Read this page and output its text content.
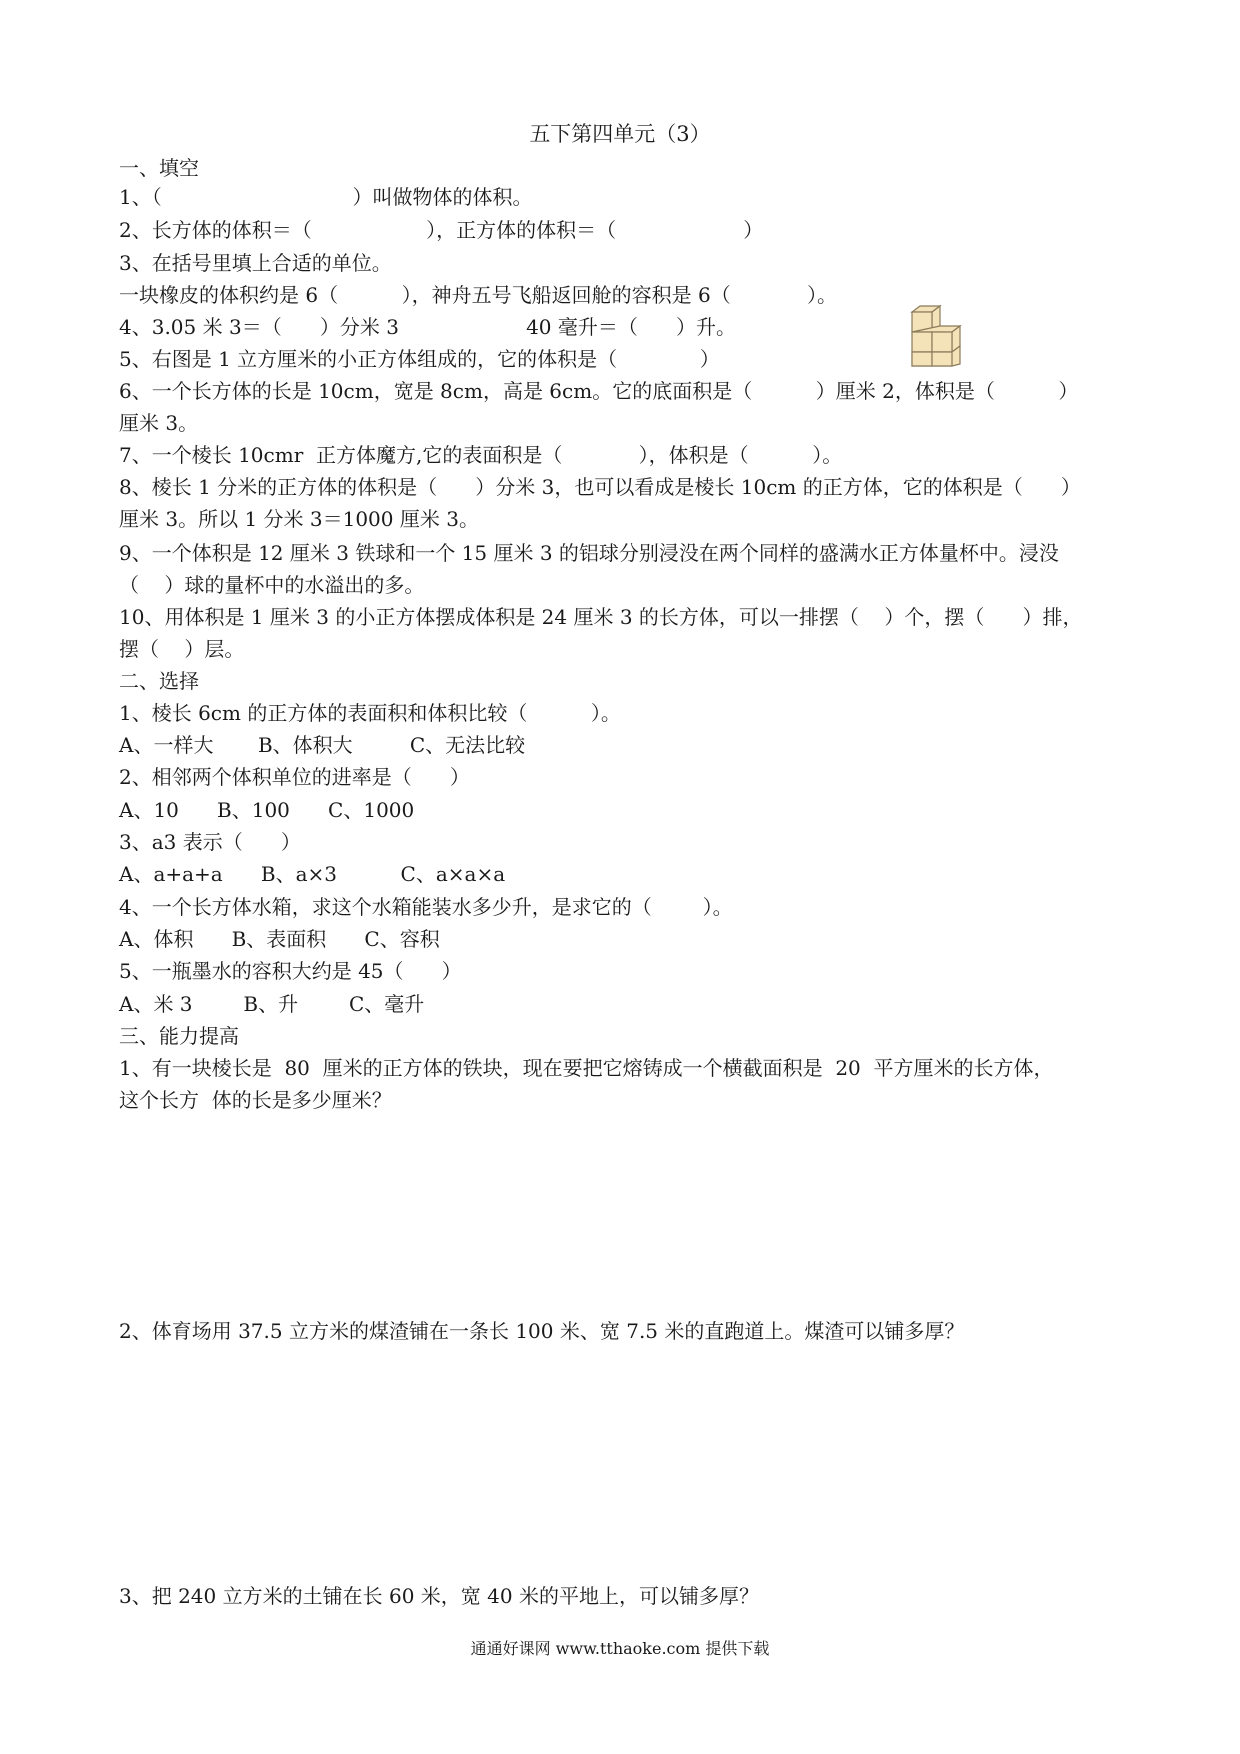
五下第四单元（3）
一、填空
1、（                              ）叫做物体的体积。
2、长方体的体积＝（                  ），正方体的体积＝（                    ）
3、在括号里填上合适的单位。
一块橡皮的体积约是 6（          ），神舟五号飞船返回舱的容积是 6（            ）。
4、3.05 米 3＝（      ）分米 3                    40 毫升＝（      ）升。
5、右图是 1 立方厘米的小正方体组成的，它的体积是（             ）
6、一个长方体的长是 10cm，宽是 8cm，高是 6cm。它的底面积是（          ）厘米 2，体积是（          ）
厘米 3。
7、一个棱长 10cmr  正方体魔方,它的表面积是（            ），体积是（          ）。
8、棱长 1 分米的正方体的体积是（      ）分米 3，也可以看成是棱长 10cm 的正方体，它的体积是（      ）
厘米 3。所以 1 分米 3＝1000 厘米 3。
9、一个体积是 12 厘米 3 铁球和一个 15 厘米 3 的铝球分别浸没在两个同样的盛满水正方体量杯中。浸没
（    ）球的量杯中的水溢出的多。
10、用体积是 1 厘米 3 的小正方体摆成体积是 24 厘米 3 的长方体，可以一排摆（    ）个，摆（      ）排，
摆（    ）层。
二、选择
1、棱长 6cm 的正方体的表面积和体积比较（          ）。
A、一样大       B、体积大         C、无法比较
2、相邻两个体积单位的进率是（      ）
A、10      B、100      C、1000
3、a3 表示（      ）
A、a+a+a      B、a×3          C、a×a×a
4、一个长方体水箱，求这个水箱能装水多少升，是求它的（        ）。
A、体积      B、表面积      C、容积
5、一瓶墨水的容积大约是 45（      ）
A、米 3        B、升        C、毫升
三、能力提高
1、有一块棱长是  80  厘米的正方体的铁块，现在要把它熔铸成一个横截面积是  20  平方厘米的长方体，
这个长方  体的长是多少厘米？
2、体育场用 37.5 立方米的煤渣铺在一条长 100 米、宽 7.5 米的直跑道上。煤渣可以铺多厚？
3、把 240 立方米的土铺在长 60 米，宽 40 米的平地上，可以铺多厚？
通通好课网 www.tthaoke.com 提供下载
